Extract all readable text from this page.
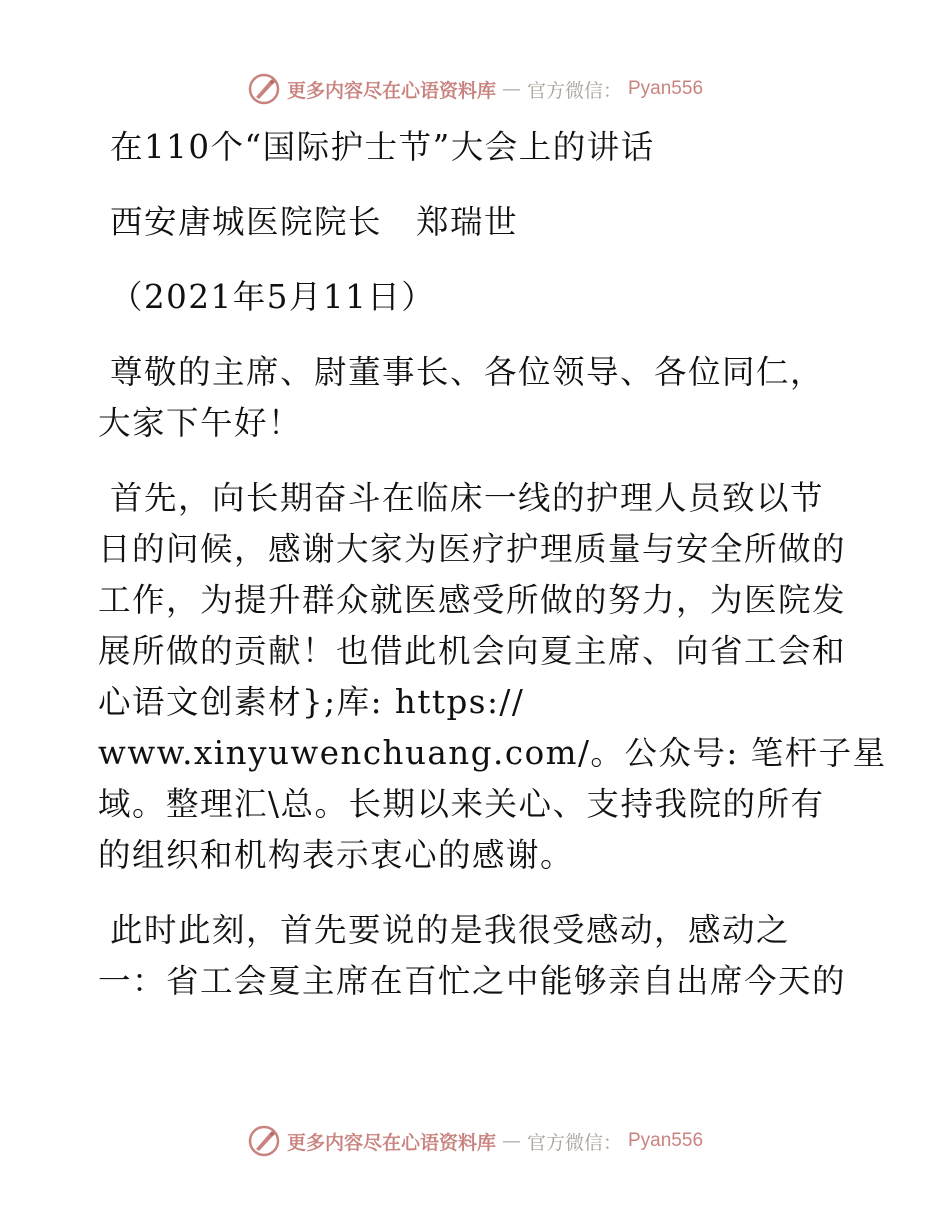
更多内容尽在心语资料库 — 官方微信： Pyan556
在110个“国际护士节”大会上的讲话
西安唐城医院院长　郑瑞世
（2021年5月11日）
尊敬的主席、尉董事长、各位领导、各位同仁，
大家下午好！
首先，向长期奋斗在临床一线的护理人员致以节
日的问候，感谢大家为医疗护理质量与安全所做的
工作，为提升群众就医感受所做的努力，为医院发
展所做的贡献！也借此机会向夏主席、向省工会和
心语文创素材};库: https://
www.xinyuwenchuang.com/。公众号: 笔杆子星
域。整理汇\总。长期以来关心、支持我院的所有
的组织和机构表示衷心的感谢。
此时此刻，首先要说的是我很受感动，感动之
一：省工会夏主席在百忙之中能够亲自出席今天的
更多内容尽在心语资料库 — 官方微信： Pyan556
